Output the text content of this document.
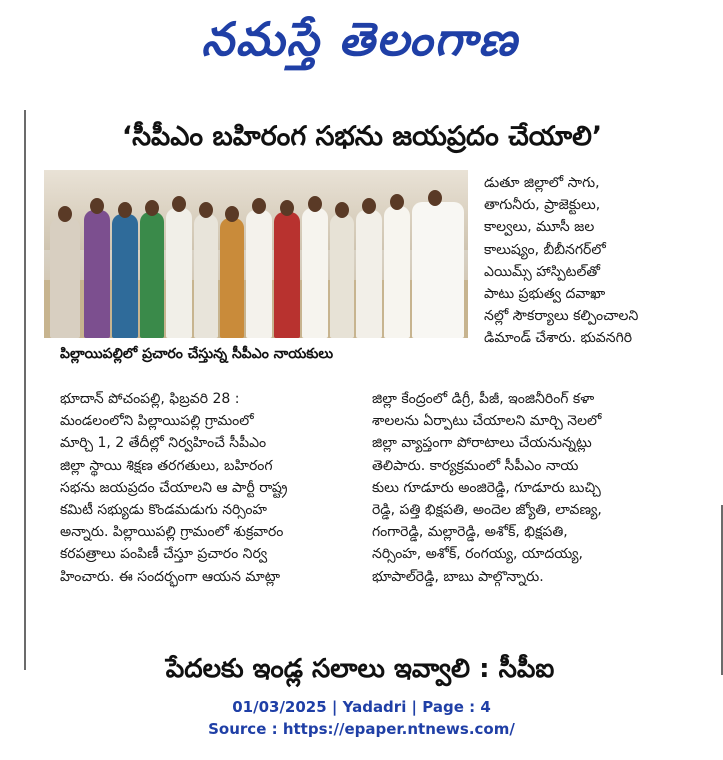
నమస్తే తెలంగాణ
‘సీపీఎం బహిరంగ సభను జయప్రదం చేయాలి’
పిల్లాయిపల్లిలో ప్రచారం చేస్తున్న సీపీఎం నాయకులు
డుతూ జిల్లాలో సాగు,
తాగునీరు, ప్రాజెక్టులు,
కాల్వలు, మూసీ జల
కాలుష్యం, బీబీనగర్‌లో
ఎయిమ్స్ హాస్పిటల్‌తో
పాటు ప్రభుత్వ దవాఖా
నల్లో సౌకర్యాలు కల్పించాలని
డిమాండ్ చేశారు. భువనగిరి
భూదాన్ పోచంపల్లి, ఫిబ్రవరి 28 :
మండలంలోని పిల్లాయిపల్లి గ్రామంలో
మార్చి 1, 2 తేదీల్లో నిర్వహించే సీపీఎం
జిల్లా స్థాయి శిక్షణ తరగతులు, బహిరంగ
సభను జయప్రదం చేయాలని ఆ పార్టీ రాష్ట్ర
కమిటీ సభ్యుడు కొండమడుగు నర్సింహ
అన్నారు. పిల్లాయిపల్లి గ్రామంలో శుక్రవారం
కరపత్రాలు పంపిణీ చేస్తూ ప్రచారం నిర్వ
హించారు. ఈ సందర్భంగా ఆయన మాట్లా
జిల్లా కేంద్రంలో డిగ్రీ, పీజీ, ఇంజినీరింగ్ కళా
శాలలను ఏర్పాటు చేయాలని మార్చి నెలలో
జిల్లా వ్యాప్తంగా పోరాటాలు చేయనున్నట్లు
తెలిపారు. కార్యక్రమంలో సీపీఎం నాయ
కులు గూడూరు అంజిరెడ్డి, గూడూరు బుచ్చి
రెడ్డి, పత్తి భిక్షపతి, అందెల జ్యోతి, లావణ్య,
గంగారెడ్డి, మల్లారెడ్డి, అశోక్, భిక్షపతి,
నర్సింహ, అశోక్, రంగయ్య, యాదయ్య,
భూపాల్‌రెడ్డి, బాబు పాల్గొన్నారు.
పేదలకు ఇండ్ల సలాలు ఇవ్వాలి : సీపీఐ
01/03/2025 | Yadadri | Page : 4
Source : https://epaper.ntnews.com/
